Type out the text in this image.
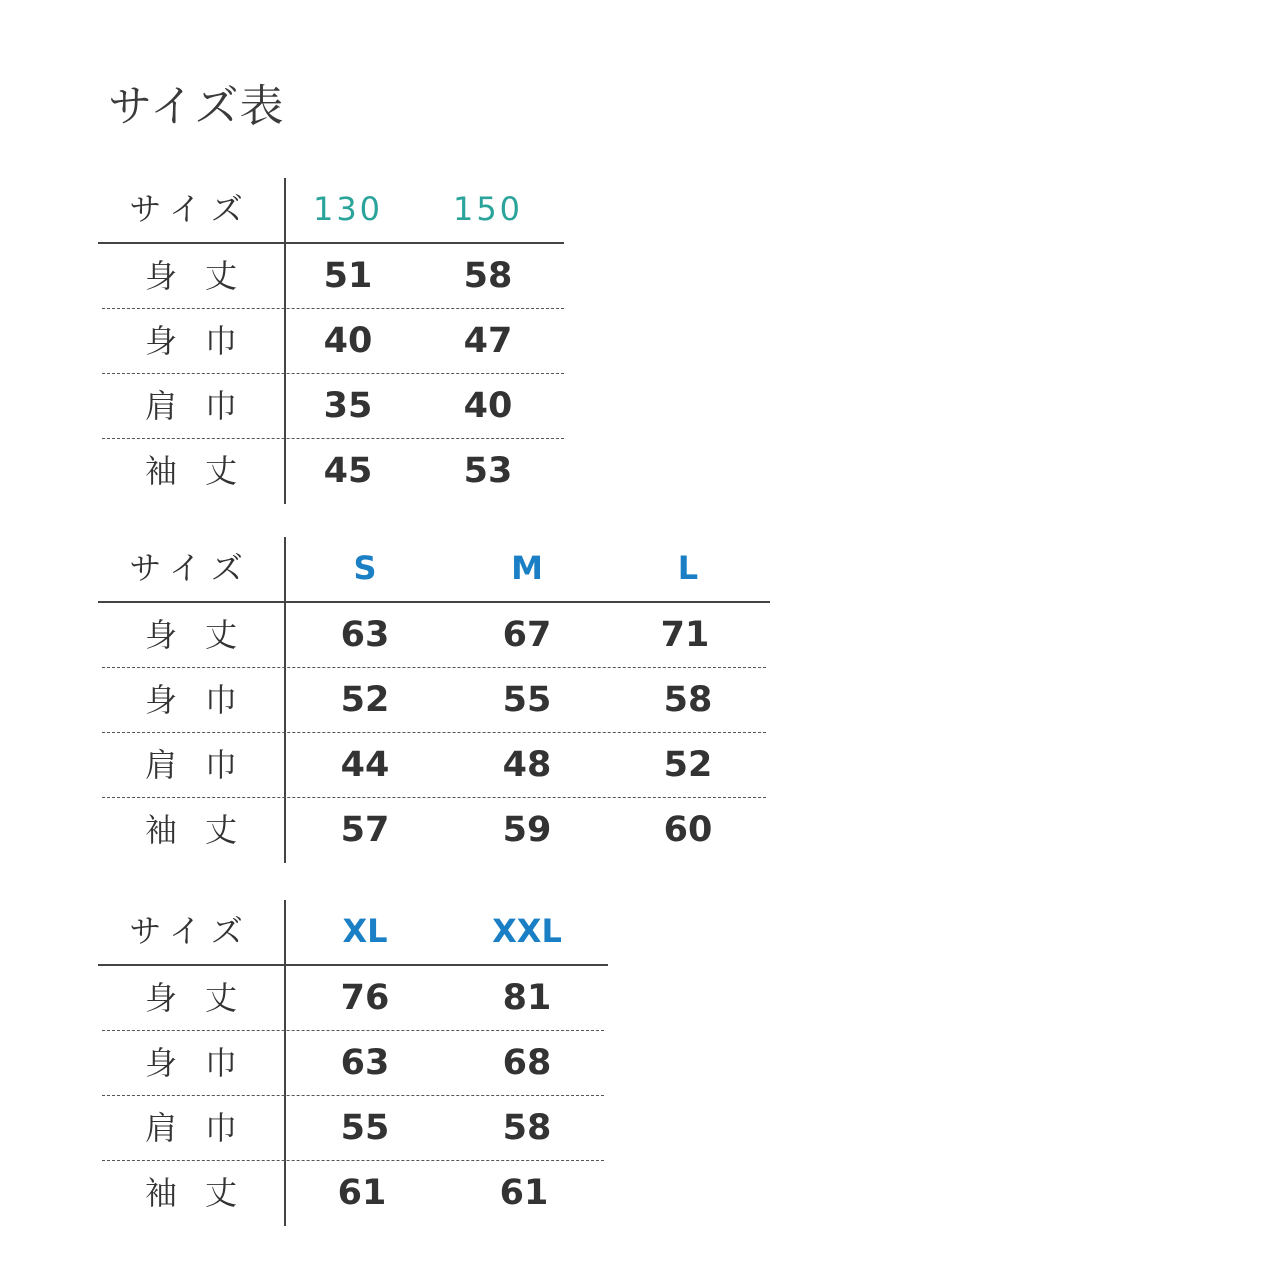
サイズ表
サイズ	130 150
身丈	51	58
身巾	40	47
肩巾	35	40
袖丈	45	53
サイズ	S	M	L
身丈	63	67	71
身巾	52	55	58
肩巾	44	48	52
袖丈	57	59	60
サイズ	XL	XXL
身丈	76	81
身巾	63	68
肩巾	55	58
袖丈	61	61
